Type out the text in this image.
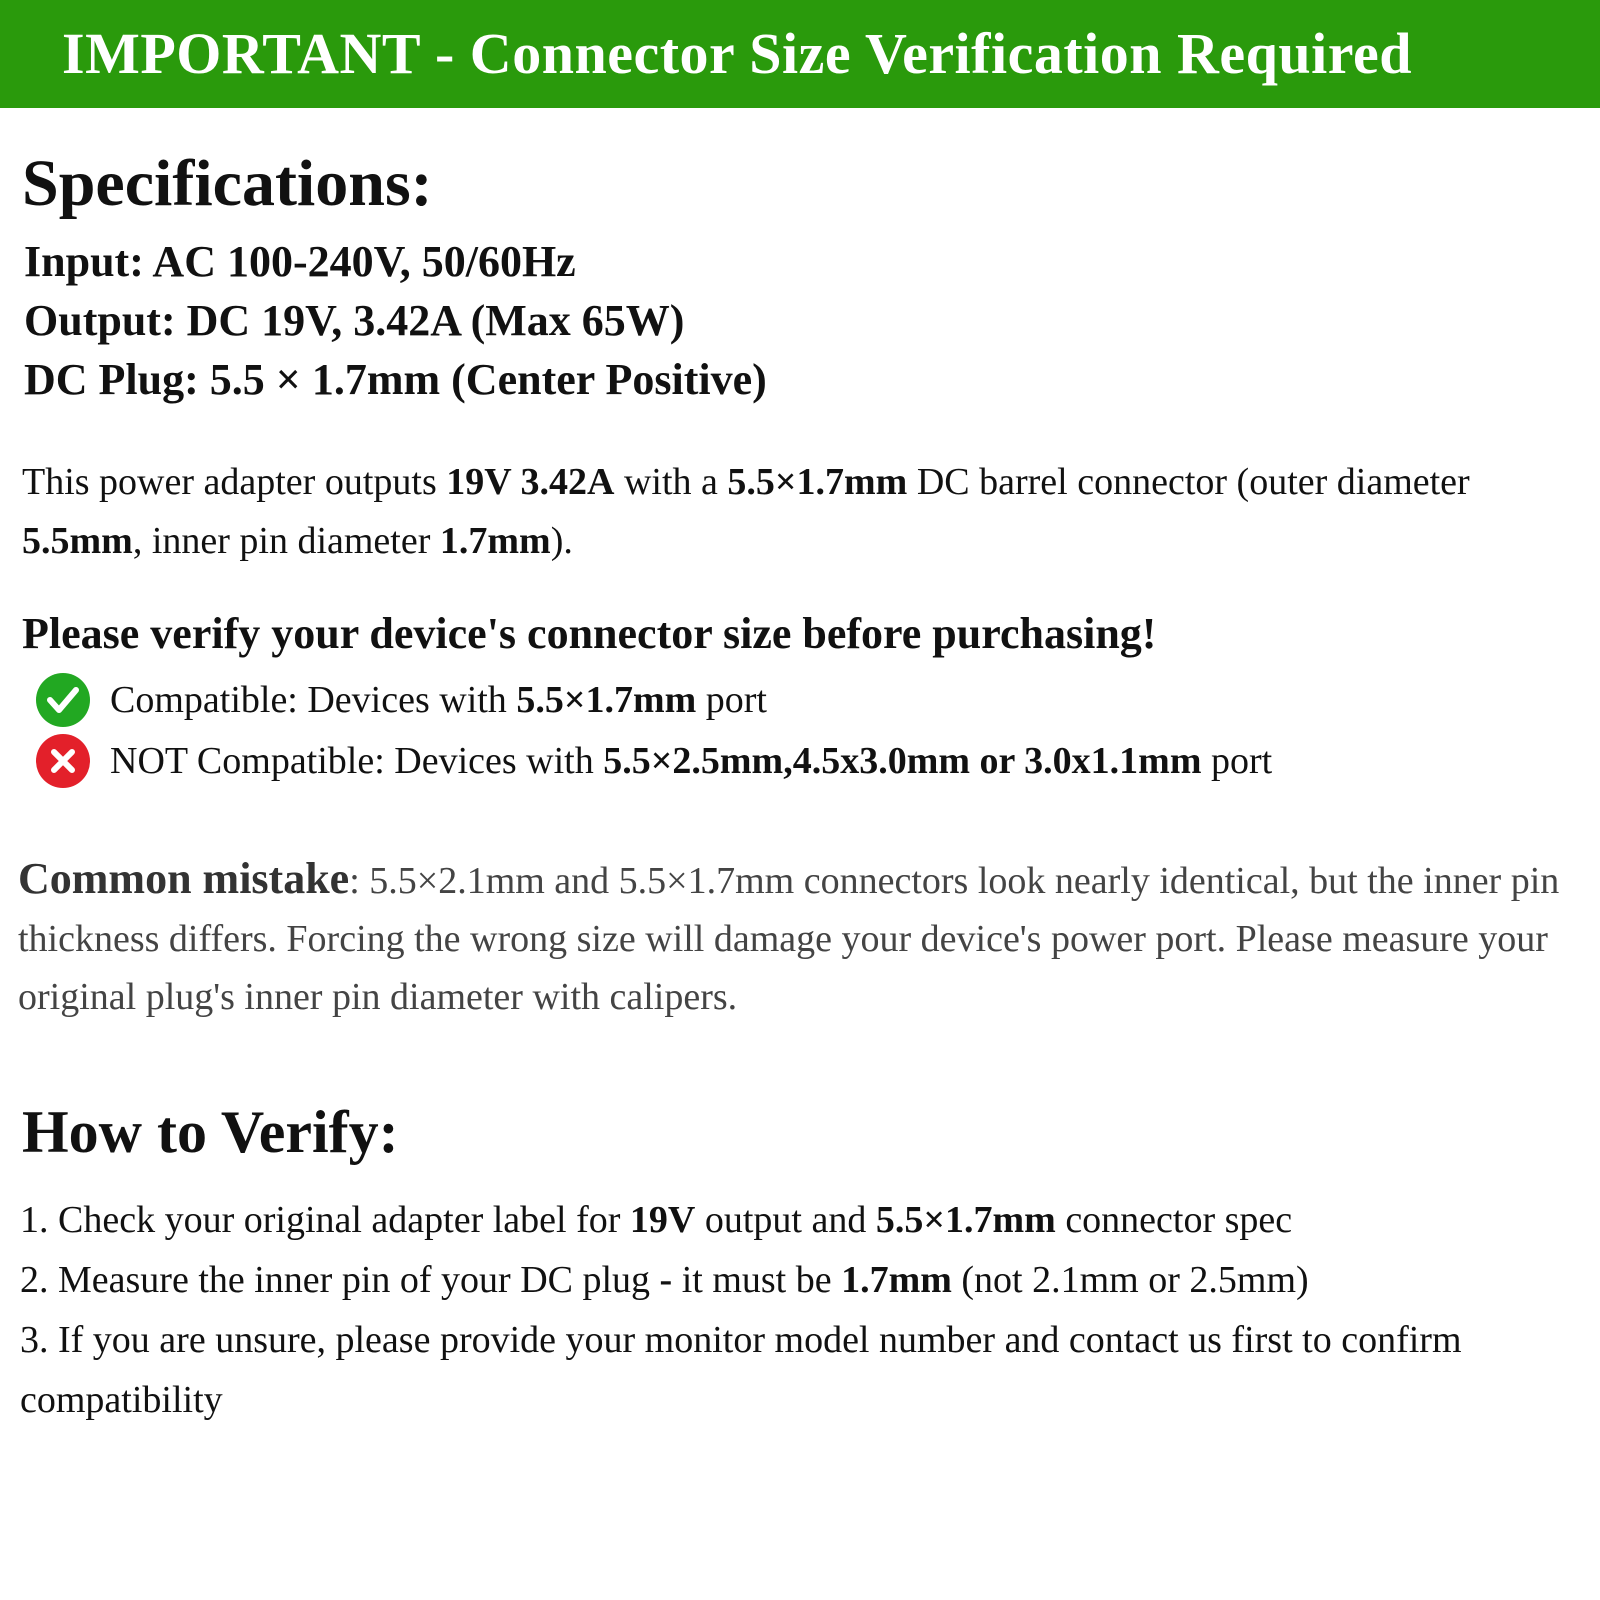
IMPORTANT - Connector Size Verification Required
Specifications:

Input: AC 100-240V, 50/60Hz

Output: DC 19V, 3.42A (Max 65W)

DC Plug: 5.5 × 1.7mm (Center Positive)

This power adapter outputs 19V 3.42A with a 5.5×1.7mm DC barrel connector (outer diameter 5.5mm, inner pin diameter 1.7mm).

Please verify your device's connector size before purchasing!

Compatible: Devices with 5.5×1.7mm port
NOT Compatible: Devices with 5.5×2.5mm,4.5x3.0mm or 3.0x1.1mm port

Common mistake: 5.5×2.1mm and 5.5×1.7mm connectors look nearly identical, but the inner pin thickness differs. Forcing the wrong size will damage your device's power port. Please measure your original plug's inner pin diameter with calipers.

How to Verify:

1. Check your original adapter label for 19V output and 5.5×1.7mm connector spec

2. Measure the inner pin of your DC plug - it must be 1.7mm (not 2.1mm or 2.5mm)

3. If you are unsure, please provide your monitor model number and contact us first to confirm compatibility
